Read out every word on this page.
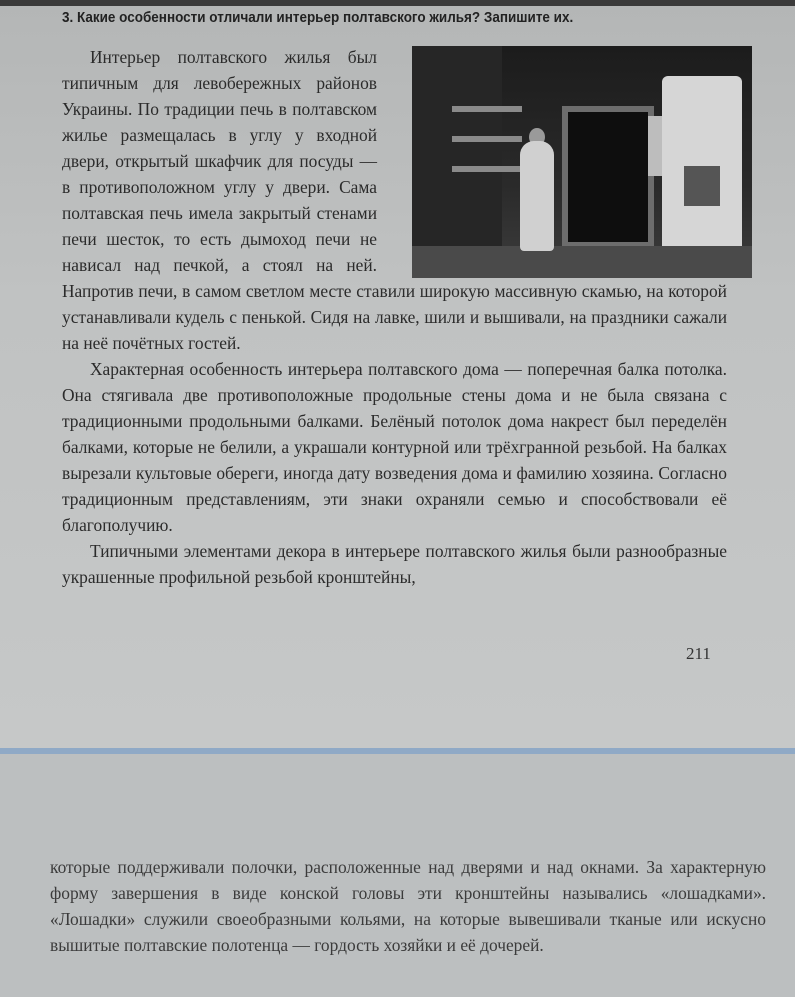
3. Какие особенности отличали интерьер полтавского жилья? Запишите их.

Интерьер полтавского жилья был типичным для левобережных районов Украины. По традиции печь в полтавском жилье размещалась в углу у входной двери, открытый шкафчик для посуды — в противоположном углу у двери. Сама полтавская печь имела закрытый стенами печи шесток, то есть дымоход печи не нависал над печкой, а стоял на ней. Напротив печи, в самом светлом месте ставили широкую массивную скамью, на которой устанавливали кудель с пенькой. Сидя на лавке, шили и вышивали, на праздники сажали на неё почётных гостей.

Характерная особенность интерьера полтавского дома — поперечная балка потолка. Она стягивала две противоположные продольные стены дома и не была связана с традиционными продольными балками. Белёный потолок дома накрест был переделён балками, которые не белили, а украшали контурной или трёхгранной резьбой. На балках вырезали культовые обереги, иногда дату возведения дома и фамилию хозяина. Согласно традиционным представлениям, эти знаки охраняли семью и способствовали её благополучию.

Типичными элементами декора в интерьере полтавского жилья были разнообразные украшенные профильной резьбой кронштейны,

211

которые поддерживали полочки, расположенные над дверями и над окнами. За характерную форму завершения в виде конской головы эти кронштейны назывались «лошадками». «Лошадки» служили своеобразными кольями, на которые вывешивали тканые или искусно вышитые полтавские полотенца — гордость хозяйки и её дочерей.
